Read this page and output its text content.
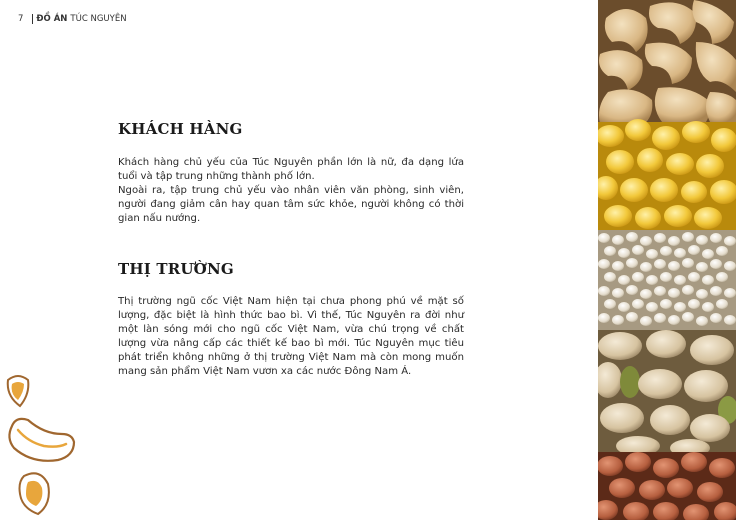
7 ĐỒ ÁN TÚC NGUYÊN
KHÁCH HÀNG

Khách hàng chủ yếu của Túc Nguyên phần lớn là nữ, đa dạng lứa tuổi và tập trung những thành phố lớn.

Ngoài ra, tập trung chủ yếu vào nhân viên văn phòng, sinh viên, người đang giảm cân hay quan tâm sức khỏe, người không có thời gian nấu nướng.

THỊ TRƯỜNG

Thị trường ngũ cốc Việt Nam hiện tại chưa phong phú về mặt số lượng, đặc biệt là hình thức bao bì. Vì thế, Túc Nguyên ra đời như một làn sóng mới cho ngũ cốc Việt Nam, vừa chú trọng về chất lượng vừa nâng cấp các thiết kế bao bì mới. Túc Nguyên mục tiêu phát triển không những ở thị trường Việt Nam mà còn mong muốn mang sản phẩm Việt Nam vươn xa các nước Đông Nam Á.
